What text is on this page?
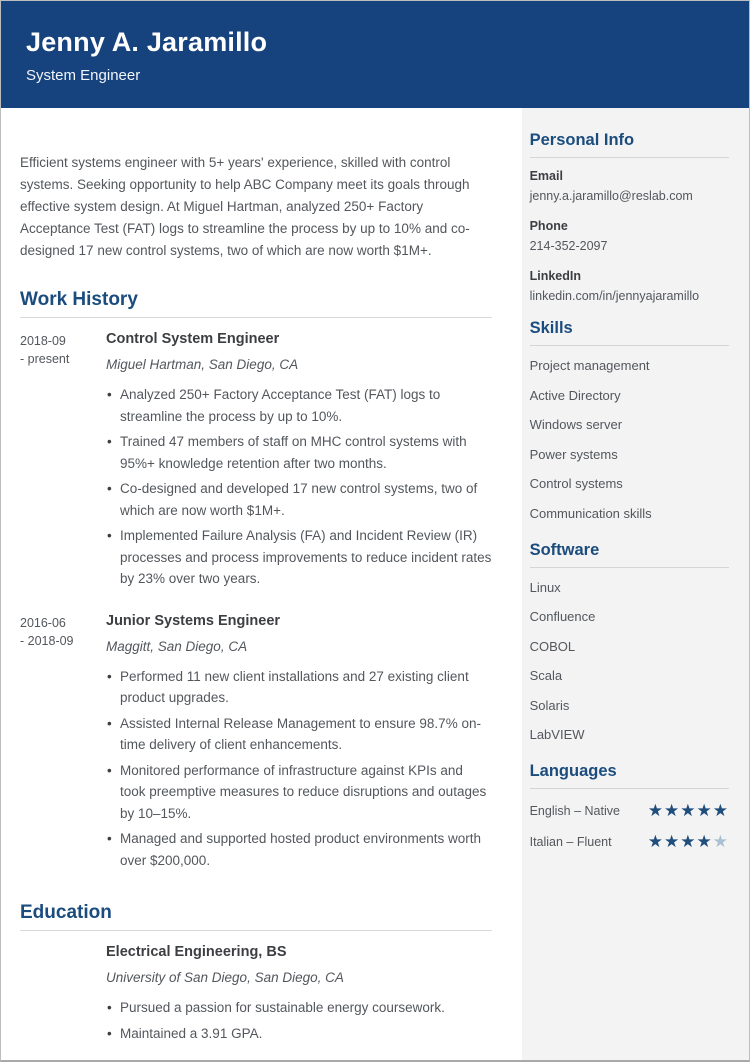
Jenny A. Jaramillo
System Engineer

Efficient systems engineer with 5+ years' experience, skilled with control systems. Seeking opportunity to help ABC Company meet its goals through effective system design. At Miguel Hartman, analyzed 250+ Factory Acceptance Test (FAT) logs to streamline the process by up to 10% and co-designed 17 new control systems, two of which are now worth $1M+.

Work History
2018-09
- present
Control System Engineer
Miguel Hartman, San Diego, CA
• Analyzed 250+ Factory Acceptance Test (FAT) logs to streamline the process by up to 10%.
• Trained 47 members of staff on MHC control systems with 95%+ knowledge retention after two months.
• Co-designed and developed 17 new control systems, two of which are now worth $1M+.
• Implemented Failure Analysis (FA) and Incident Review (IR) processes and process improvements to reduce incident rates by 23% over two years.
2016-06
- 2018-09
Junior Systems Engineer
Maggitt, San Diego, CA
• Performed 11 new client installations and 27 existing client product upgrades.
• Assisted Internal Release Management to ensure 98.7% on-time delivery of client enhancements.
• Monitored performance of infrastructure against KPIs and took preemptive measures to reduce disruptions and outages by 10–15%.
• Managed and supported hosted product environments worth over $200,000.
Education
Electrical Engineering, BS
University of San Diego, San Diego, CA
• Pursued a passion for sustainable energy coursework.
• Maintained a 3.91 GPA.
Personal Info
Email
jenny.a.jaramillo@reslab.com
Phone
214-352-2097
LinkedIn
linkedin.com/in/jennyajaramillo
Skills
Project management
Active Directory
Windows server
Power systems
Control systems
Communication skills
Software
Linux
Confluence
COBOL
Scala
Solaris
LabVIEW
Languages
English – Native ★★★★★
Italian – Fluent ★★★★★
